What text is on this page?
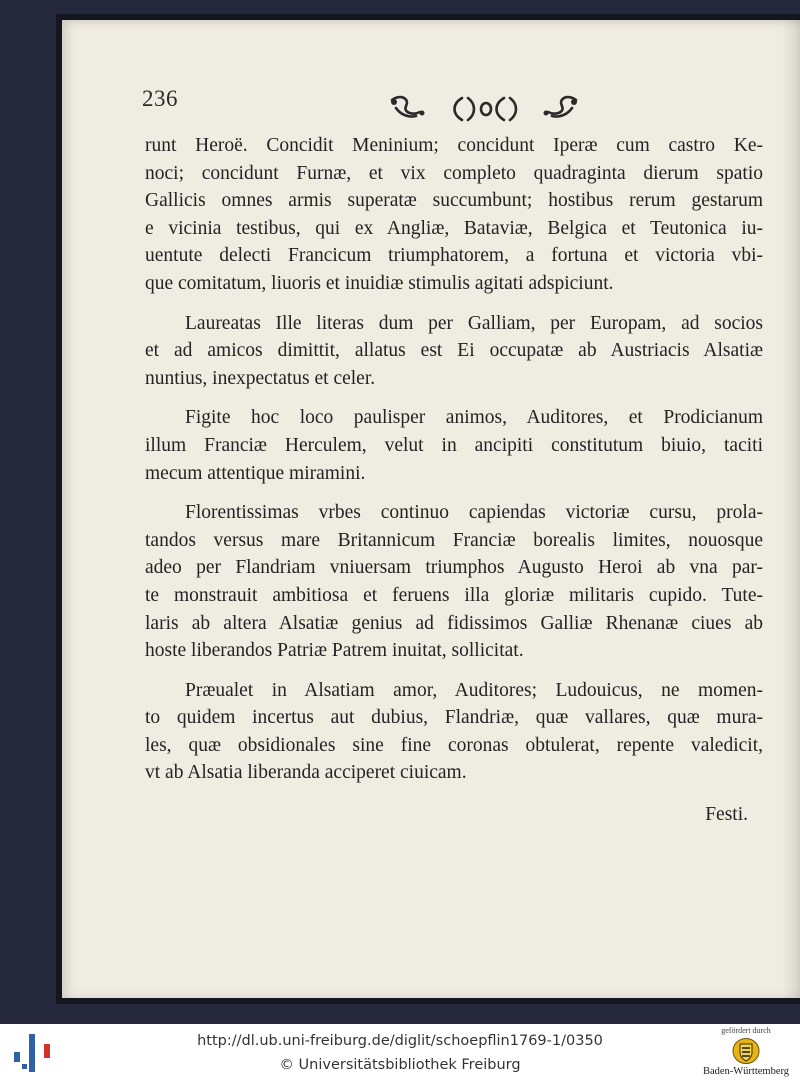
236
runt Heroë. Concidit Meninium; concidunt Iperæ cum castro Ke-
noci; concidunt Furnæ, et vix completo quadraginta dierum spatio
Gallicis omnes armis superatæ succumbunt; hostibus rerum gestarum
e vicinia testibus, qui ex Angliæ, Bataviæ, Belgica et Teutonica iu-
uentute delecti Francicum triumphatorem, a fortuna et victoria vbi-
que comitatum, liuoris et inuidiæ stimulis agitati adspiciunt.
Laureatas Ille literas dum per Galliam, per Europam, ad socios
et ad amicos dimittit, allatus est Ei occupatæ ab Austriacis Alsatiæ
nuntius, inexpectatus et celer.
Figite hoc loco paulisper animos, Auditores, et Prodicianum
illum Franciæ Herculem, velut in ancipiti constitutum biuio, taciti
mecum attentique miramini.
Florentissimas vrbes continuo capiendas victoriæ cursu, prola-
tandos versus mare Britannicum Franciæ borealis limites, nouosque
adeo per Flandriam vniuersam triumphos Augusto Heroi ab vna par-
te monstrauit ambitiosa et feruens illa gloriæ militaris cupido. Tute-
laris ab altera Alsatiæ genius ad fidissimos Galliæ Rhenanæ ciues ab
hoste liberandos Patriæ Patrem inuitat, sollicitat.
Præualet in Alsatiam amor, Auditores; Ludouicus, ne momen-
to quidem incertus aut dubius, Flandriæ, quæ vallares, quæ mura-
les, quæ obsidionales sine fine coronas obtulerat, repente valedicit,
vt ab Alsatia liberanda acciperet ciuicam.
Festi.
http://dl.ub.uni-freiburg.de/diglit/schoepflin1769-1/0350
© Universitätsbibliothek Freiburg
gefördert durch
Baden-Württemberg
